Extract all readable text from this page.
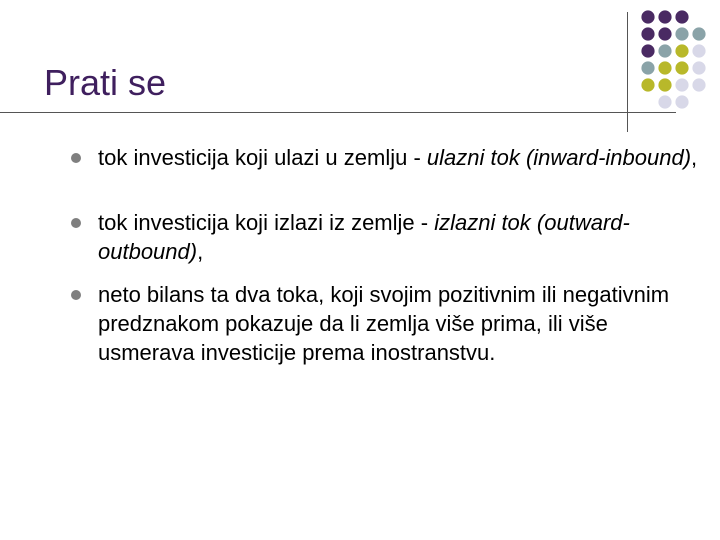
Prati se
tok investicija koji ulazi u zemlju - ulazni tok (inward-inbound),
tok investicija koji izlazi iz zemlje - izlazni tok (outward-outbound),
neto bilans ta dva toka, koji svojim pozitivnim ili negativnim predznakom pokazuje da li zemlja više prima, ili više usmerava investicije prema inostranstvu.
